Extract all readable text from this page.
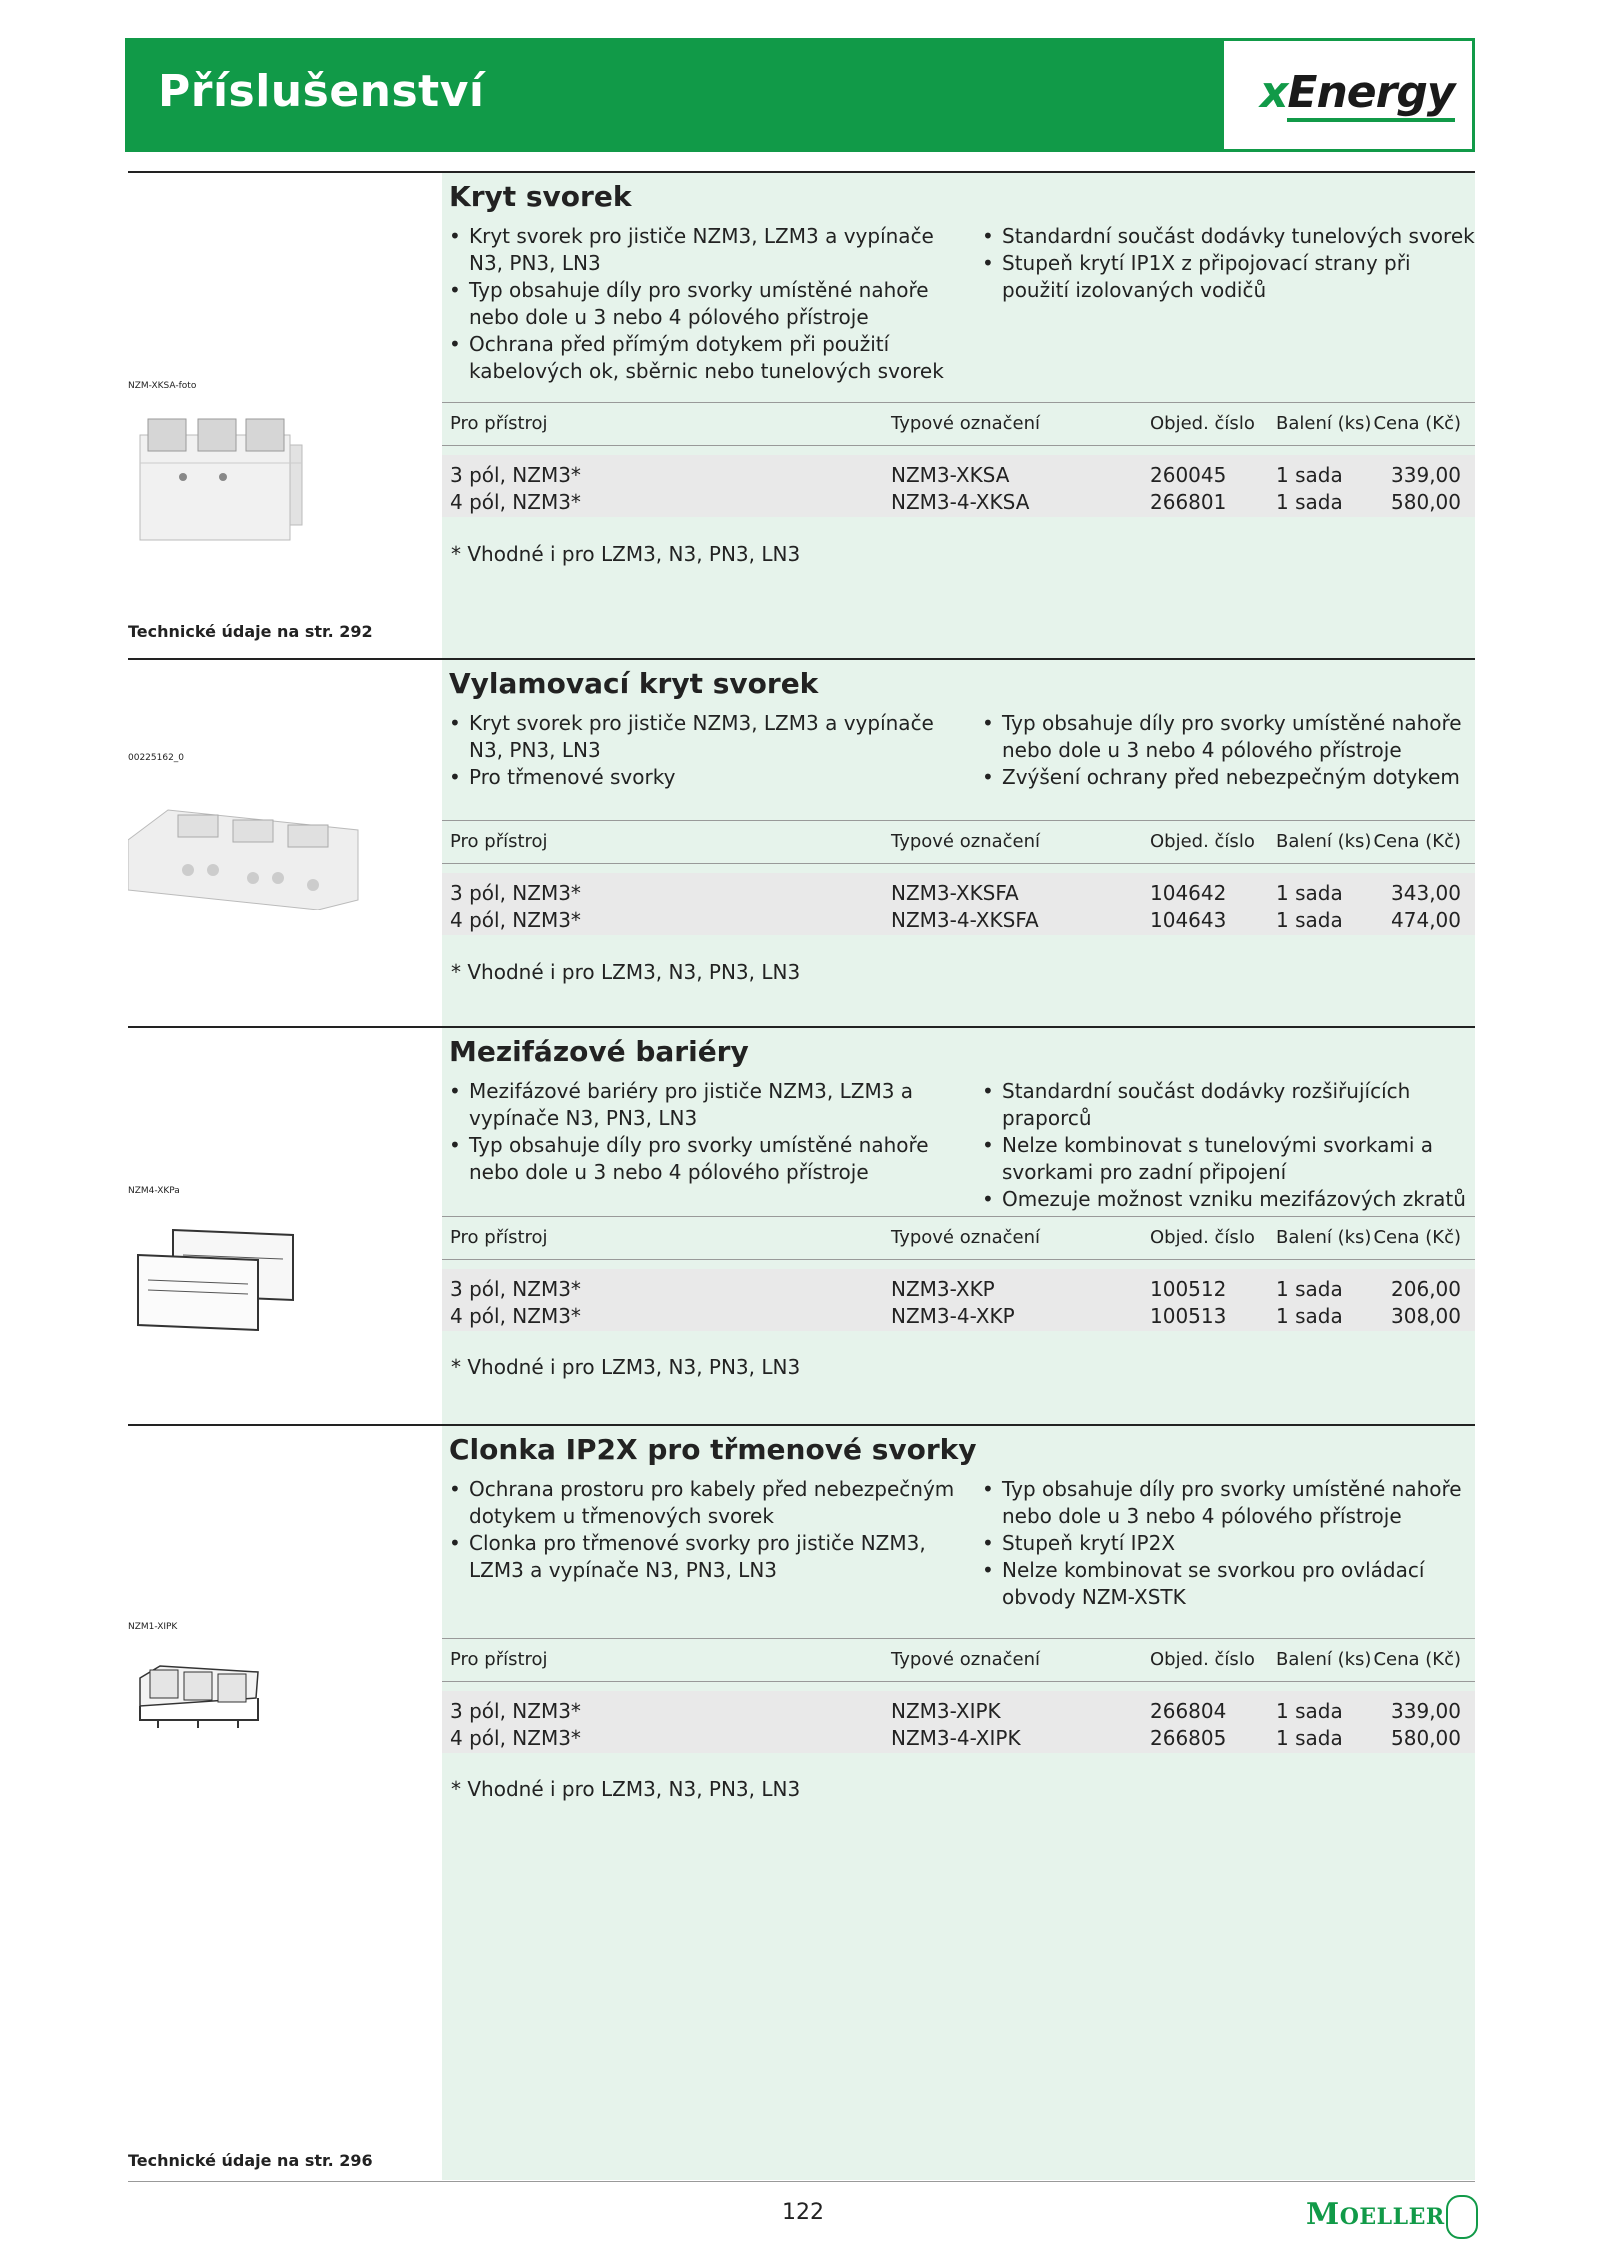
Příslušenství	xEnergy
Kryt svorek
• Kryt svorek pro jističe NZM3, LZM3 a vypínače N3, PN3, LN3
• Typ obsahuje díly pro svorky umístěné nahoře nebo dole u 3 nebo 4 pólového přístroje
• Ochrana před přímým dotykem při použití kabelových ok, sběrnic nebo tunelových svorek
• Standardní součást dodávky tunelových svorek
• Stupeň krytí IP1X z připojovací strany při použití izolovaných vodičů
NZM-XKSA-foto
Technické údaje na str. 292
Pro přístroj	Typové označení	Objed. číslo Balení (ks) Cena (Kč)
3 pól, NZM3*	NZM3-XKSA	260045 1 sada 339,00
4 pól, NZM3*	NZM3-4-XKSA	266801 1 sada 580,00
* Vhodné i pro LZM3, N3, PN3, LN3
Vylamovací kryt svorek
• Kryt svorek pro jističe NZM3, LZM3 a vypínače N3, PN3, LN3
• Pro třmenové svorky
• Typ obsahuje díly pro svorky umístěné nahoře nebo dole u 3 nebo 4 pólového přístroje
• Zvýšení ochrany před nebezpečným dotykem
00225162_0
Pro přístroj	Typové označení	Objed. číslo Balení (ks) Cena (Kč)
3 pól, NZM3*	NZM3-XKSFA	104642 1 sada 343,00
4 pól, NZM3*	NZM3-4-XKSFA	104643 1 sada 474,00
* Vhodné i pro LZM3, N3, PN3, LN3
Mezifázové bariéry
• Mezifázové bariéry pro jističe NZM3, LZM3 a vypínače N3, PN3, LN3
• Typ obsahuje díly pro svorky umístěné nahoře nebo dole u 3 nebo 4 pólového přístroje
• Standardní součást dodávky rozšiřujících praporců
• Nelze kombinovat s tunelovými svorkami a svorkami pro zadní připojení
• Omezuje možnost vzniku mezifázových zkratů
NZM4-XKPa
Pro přístroj	Typové označení	Objed. číslo Balení (ks) Cena (Kč)
3 pól, NZM3*	NZM3-XKP	100512 1 sada 206,00
4 pól, NZM3*	NZM3-4-XKP	100513 1 sada 308,00
* Vhodné i pro LZM3, N3, PN3, LN3
Clonka IP2X pro třmenové svorky
• Ochrana prostoru pro kabely před nebezpečným dotykem u třmenových svorek
• Clonka pro třmenové svorky pro jističe NZM3, LZM3 a vypínače N3, PN3, LN3
• Typ obsahuje díly pro svorky umístěné nahoře nebo dole u 3 nebo 4 pólového přístroje
• Stupeň krytí IP2X
• Nelze kombinovat se svorkou pro ovládací obvody NZM-XSTK
NZM1-XIPK
Pro přístroj	Typové označení	Objed. číslo Balení (ks) Cena (Kč)
3 pól, NZM3*	NZM3-XIPK	266804 1 sada 339,00
4 pól, NZM3*	NZM3-4-XIPK	266805 1 sada 580,00
* Vhodné i pro LZM3, N3, PN3, LN3
Technické údaje na str. 296
122	MOELLER
